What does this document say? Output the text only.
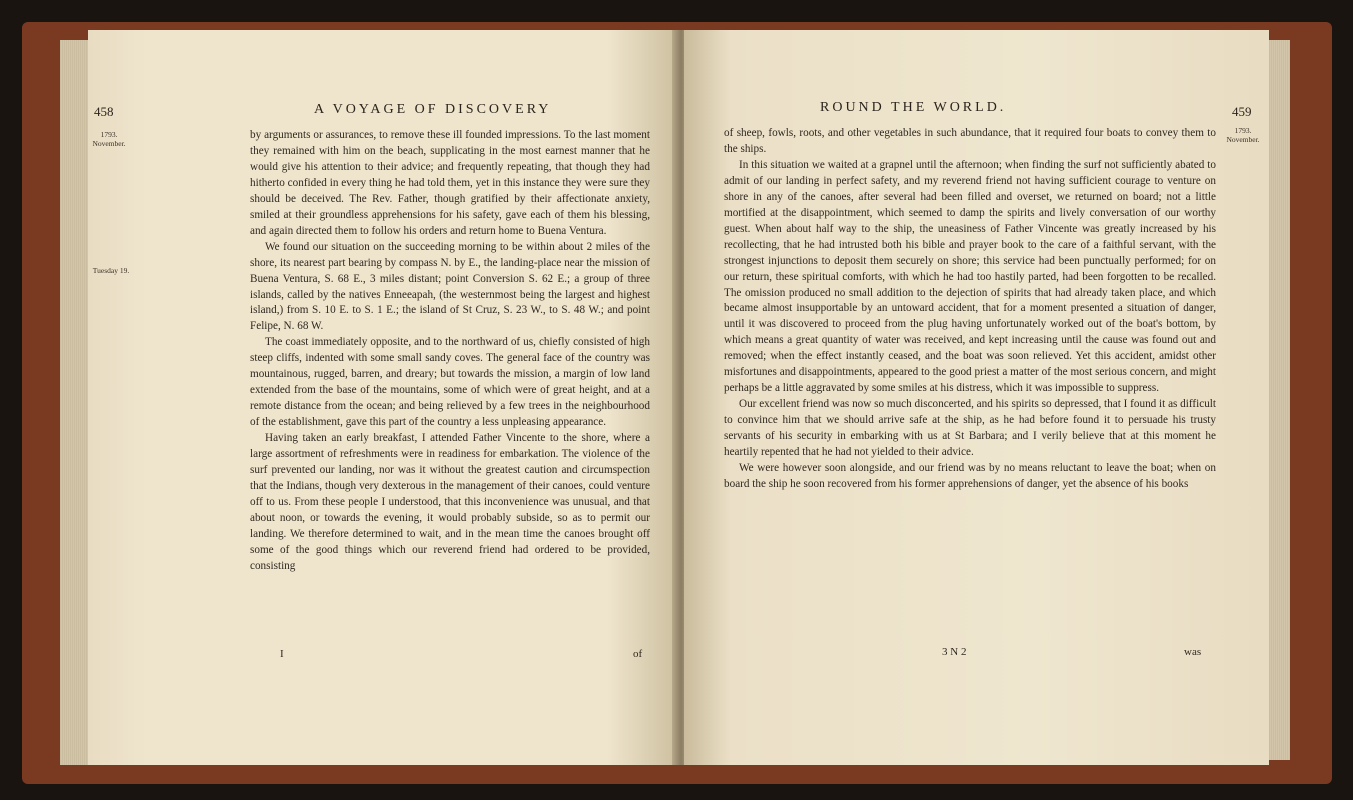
458	A VOYAGE OF DISCOVERY
1793.
November.
Tuesday 19.

by arguments or assurances, to remove these ill founded impressions. To the last moment they remained with him on the beach, supplicating in the most earnest manner that he would give his attention to their advice; and frequently repeating, that though they had hitherto confided in every thing he had told them, yet in this instance they were sure they should be deceived. The Rev. Father, though gratified by their affectionate anxiety, smiled at their groundless apprehensions for his safety, gave each of them his blessing, and again directed them to follow his orders and return home to Buena Ventura.

We found our situation on the succeeding morning to be within about 2 miles of the shore, its nearest part bearing by compass N. by E., the landing-place near the mission of Buena Ventura, S. 68 E., 3 miles distant; point Conversion S. 62 E.; a group of three islands, called by the natives Enneeapah, (the westernmost being the largest and highest island,) from S. 10 E. to S. 1 E.; the island of St Cruz, S. 23 W., to S. 48 W.; and point Felipe, N. 68 W.

The coast immediately opposite, and to the northward of us, chiefly consisted of high steep cliffs, indented with some small sandy coves. The general face of the country was mountainous, rugged, barren, and dreary; but towards the mission, a margin of low land extended from the base of the mountains, some of which were of great height, and at a remote distance from the ocean; and being relieved by a few trees in the neighbourhood of the establishment, gave this part of the country a less unpleasing appearance.

Having taken an early breakfast, I attended Father Vincente to the shore, where a large assortment of refreshments were in readiness for embarkation. The violence of the surf prevented our landing, nor was it without the greatest caution and circumspection that the Indians, though very dexterous in the management of their canoes, could venture off to us. From these people I understood, that this inconvenience was unusual, and that about noon, or towards the evening, it would probably subside, so as to permit our landing. We therefore determined to wait, and in the mean time the canoes brought off some of the good things which our reverend friend had ordered to be provided, consisting

I	of
ROUND THE WORLD.	459
1793.
November.

of sheep, fowls, roots, and other vegetables in such abundance, that it required four boats to convey them to the ships.

In this situation we waited at a grapnel until the afternoon; when finding the surf not sufficiently abated to admit of our landing in perfect safety, and my reverend friend not having sufficient courage to venture on shore in any of the canoes, after several had been filled and overset, we returned on board; not a little mortified at the disappointment, which seemed to damp the spirits and lively conversation of our worthy guest. When about half way to the ship, the uneasiness of Father Vincente was greatly increased by his recollecting, that he had intrusted both his bible and prayer book to the care of a faithful servant, with the strongest injunctions to deposit them securely on shore; this service had been punctually performed; for on our return, these spiritual comforts, with which he had too hastily parted, had been forgotten to be recalled. The omission produced no small addition to the dejection of spirits that had already taken place, and which became almost insupportable by an untoward accident, that for a moment presented a situation of danger, until it was discovered to proceed from the plug having unfortunately worked out of the boat's bottom, by which means a great quantity of water was received, and kept increasing until the cause was found out and removed; when the effect instantly ceased, and the boat was soon relieved. Yet this accident, amidst other misfortunes and disappointments, appeared to the good priest a matter of the most serious concern, and might perhaps be a little aggravated by some smiles at his distress, which it was impossible to suppress.

Our excellent friend was now so much disconcerted, and his spirits so depressed, that I found it as difficult to convince him that we should arrive safe at the ship, as he had before found it to persuade his trusty servants of his security in embarking with us at St Barbara; and I verily believe that at this moment he heartily repented that he had not yielded to their advice.

We were however soon alongside, and our friend was by no means reluctant to leave the boat; when on board the ship he soon recovered from his former apprehensions of danger, yet the absence of his books

3 N 2	was
